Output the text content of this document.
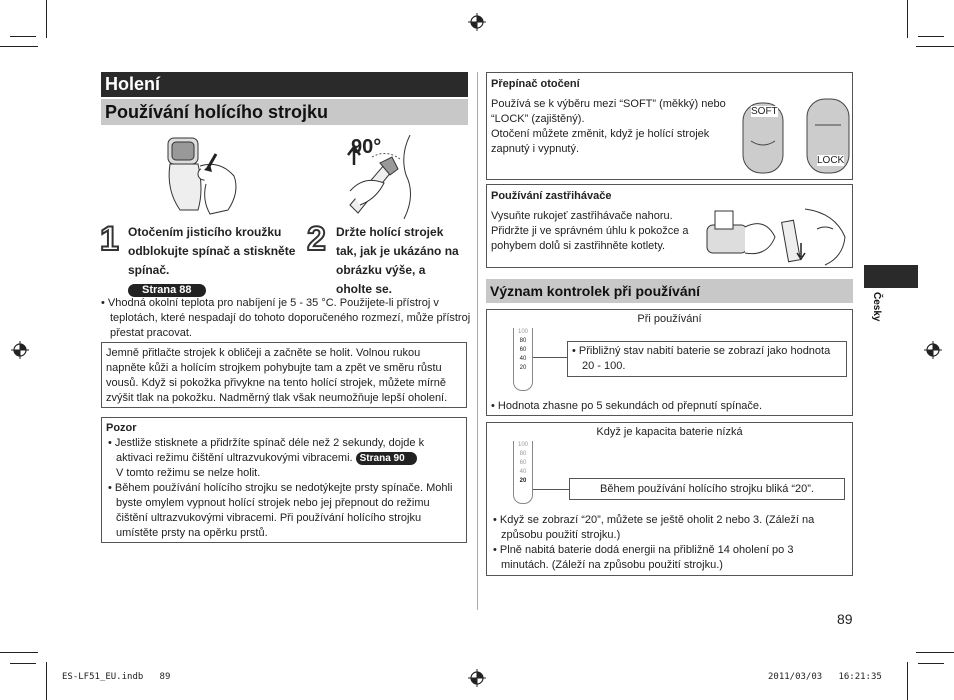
Holení
Používání holícího strojku
90°
1 Otočením jisticího kroužku odblokujte spínač a stiskněte spínač.
Strana 88
2 Držte holící strojek tak, jak je ukázáno na obrázku výše, a oholte se.

• Vhodná okolní teplota pro nabíjení je 5 - 35 °C. Použijete-li přístroj v teplotách, které nespadají do tohoto doporučeného rozmezí, může přístroj přestat pracovat.

Jemně přitlačte strojek k obličeji a začněte se holit. Volnou rukou napněte kůži a holícím strojkem pohybujte tam a zpět ve směru růstu vousů. Když si pokožka přivykne na tento holící strojek, můžete mírně zvýšit tlak na pokožku. Nadměrný tlak však neumožňuje lepší oholení.
Pozor

• Jestliže stisknete a přidržíte spínač déle než 2 sekundy, dojde k aktivaci režimu čištění ultrazvukovými vibracemi. Strana 90
V tomto režimu se nelze holit.

• Během používání holícího strojku se nedotýkejte prsty spínače. Mohli byste omylem vypnout holící strojek nebo jej přepnout do režimu čištění ultrazvukovými vibracemi. Při používání holícího strojku umístěte prsty na opěrku prstů.

Přepínač otočení
Používá se k výběru mezi “SOFT” (měkký) nebo “LOCK” (zajištěný).
Otočení můžete změnit, když je holící strojek zapnutý i vypnutý.
SOFT
LOCK
Používání zastřihávače
Vysuňte rukojeť zastřihávače nahoru. Přidržte ji ve správném úhlu k pokožce a pohybem dolů si zastřihněte kotlety.
Význam kontrolek při používání
Při používání
100
80
60
40
20

• Přibližný stav nabití baterie se zobrazí jako hodnota 20 - 100.

• Hodnota zhasne po 5 sekundách od přepnutí spínače.
Když je kapacita baterie nízká
100
80
60
40
20
Během používání holícího strojku bliká “20”.

• Když se zobrazí “20”, můžete se ještě oholit 2 nebo 3. (Záleží na způsobu použití strojku.)

• Plně nabitá baterie dodá energii na přibližně 14 oholení po 3 minutách. (Záleží na způsobu použití strojku.)

Česky
89
ES-LF51_EU.indb   89	2011/03/03   16:21:35
